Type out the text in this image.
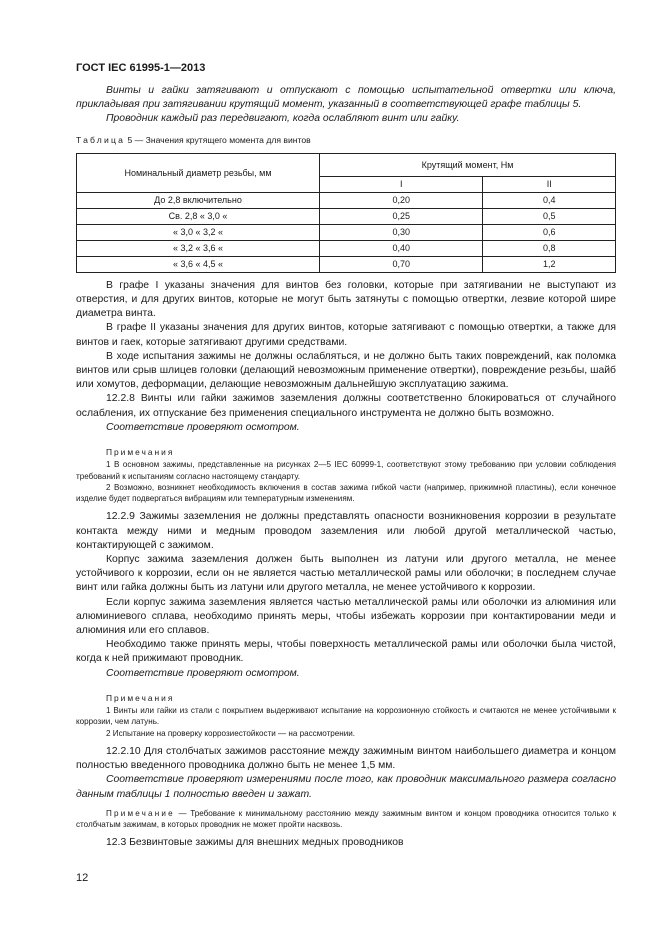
ГОСТ IEC 61995-1—2013

Винты и гайки затягивают и отпускают с помощью испытательной отвертки или ключа, прикладывая при затягивании крутящий момент, указанный в соответствующей графе таблицы 5.

Проводник каждый раз передвигают, когда ослабляют винт или гайку.

Таблица 5 — Значения крутящего момента для винтов
Номинальный диаметр резьбы, мм	Крутящий момент, Нм	
	I	II
До 2,8 включительно	0,20	0,4
Св. 2,8 « 3,0 «	0,25	0,5
« 3,0 « 3,2 «	0,30	0,6
« 3,2 « 3,6 «	0,40	0,8
« 3,6 « 4,5 «	0,70	1,2

В графе I указаны значения для винтов без головки, которые при затягивании не выступают из отверстия, и для других винтов, которые не могут быть затянуты с помощью отвертки, лезвие которой шире диаметра винта.

В графе II указаны значения для других винтов, которые затягивают с помощью отвертки, а также для винтов и гаек, которые затягивают другими средствами.

В ходе испытания зажимы не должны ослабляться, и не должно быть таких повреждений, как поломка винтов или срыв шлицев головки (делающий невозможным применение отвертки), повреждение резьбы, шайб или хомутов, деформации, делающие невозможным дальнейшую эксплуатацию зажима.

12.2.8 Винты или гайки зажимов заземления должны соответственно блокироваться от случайного ослабления, их отпускание без применения специального инструмента не должно быть возможно.

Соответствие проверяют осмотром.

Примечания

1 В основном зажимы, представленные на рисунках 2—5 IEC 60999-1, соответствуют этому требованию при условии соблюдения требований к испытаниям согласно настоящему стандарту.

2 Возможно, возникнет необходимость включения в состав зажима гибкой части (например, прижимной пластины), если конечное изделие будет подвергаться вибрациям или температурным изменениям.

12.2.9 Зажимы заземления не должны представлять опасности возникновения коррозии в результате контакта между ними и медным проводом заземления или любой другой металлической частью, контактирующей с зажимом.

Корпус зажима заземления должен быть выполнен из латуни или другого металла, не менее устойчивого к коррозии, если он не является частью металлической рамы или оболочки; в последнем случае винт или гайка должны быть из латуни или другого металла, не менее устойчивого к коррозии.

Если корпус зажима заземления является частью металлической рамы или оболочки из алюминия или алюминиевого сплава, необходимо принять меры, чтобы избежать коррозии при контактировании меди и алюминия или его сплавов.

Необходимо также принять меры, чтобы поверхность металлической рамы или оболочки была чистой, когда к ней прижимают проводник.

Соответствие проверяют осмотром.

Примечания

1 Винты или гайки из стали с покрытием выдерживают испытание на коррозионную стойкость и считаются не менее устойчивыми к коррозии, чем латунь.

2 Испытание на проверку коррозиестойкости — на рассмотрении.

12.2.10 Для столбчатых зажимов расстояние между зажимным винтом наибольшего диаметра и концом полностью введенного проводника должно быть не менее 1,5 мм.

Соответствие проверяют измерениями после того, как проводник максимального размера согласно данным таблицы 1 полностью введен и зажат.

Примечание — Требование к минимальному расстоянию между зажимным винтом и концом проводника относится только к столбчатым зажимам, в которых проводник не может пройти насквозь.

12.3 Безвинтовые зажимы для внешних медных проводников

12
